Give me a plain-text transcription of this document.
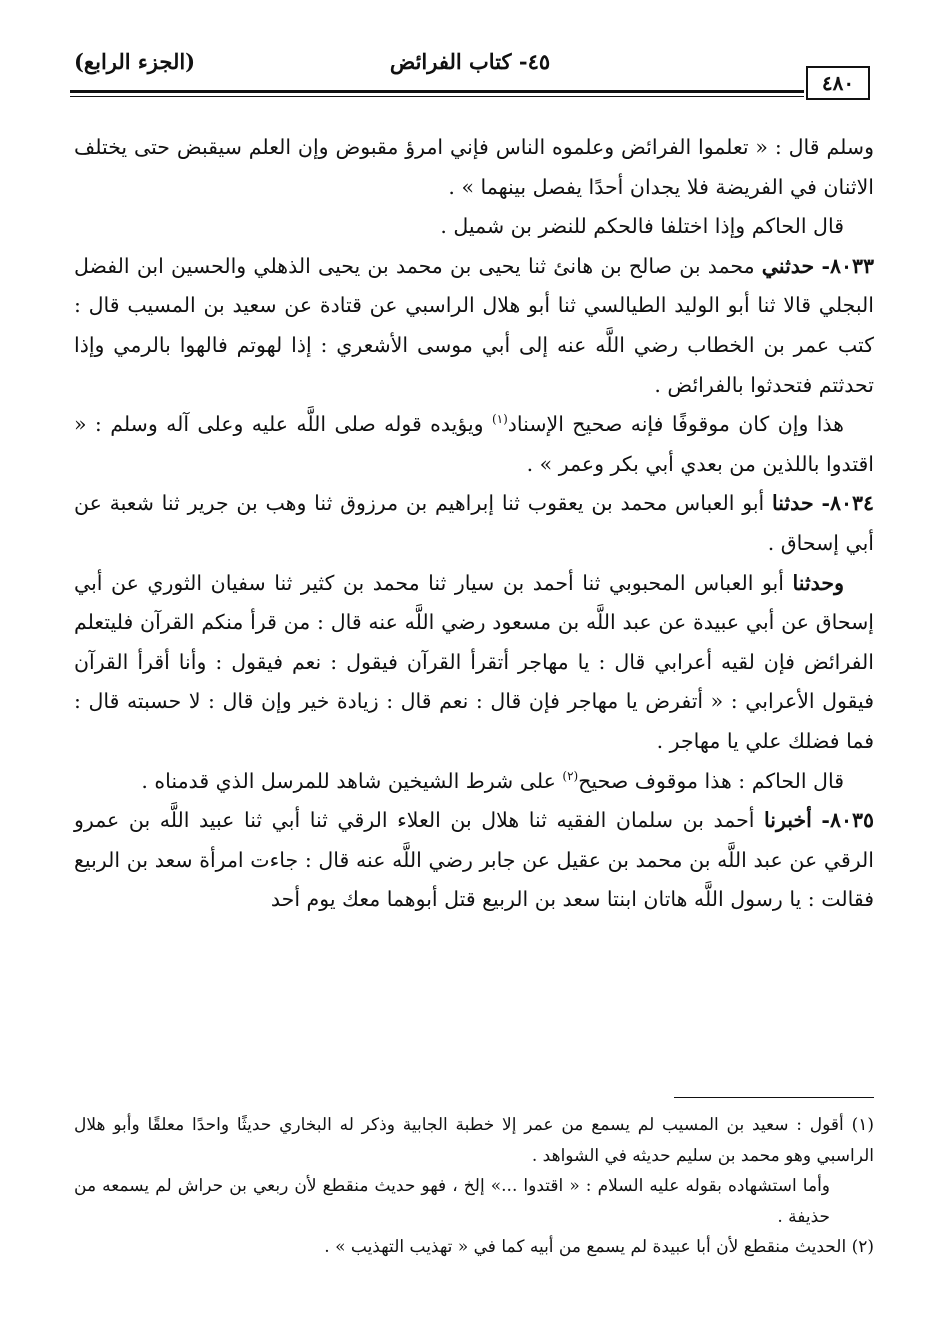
(الجزء الرابع)	٤٥- كتاب الفرائض
٤٨٠

وسلم قال : « تعلموا الفرائض وعلموه الناس فإني امرؤ مقبوض وإن العلم سيقبض حتى يختلف الاثنان في الفريضة فلا يجدان أحدًا يفصل بينهما » .

قال الحاكم وإذا اختلفا فالحكم للنضر بن شميل .

٨٠٣٣- حدثني محمد بن صالح بن هانئ ثنا يحيى بن محمد بن يحيى الذهلي والحسين ابن الفضل البجلي قالا ثنا أبو الوليد الطيالسي ثنا أبو هلال الراسبي عن قتادة عن سعيد بن المسيب قال : كتب عمر بن الخطاب رضي اللَّه عنه إلى أبي موسى الأشعري : إذا لهوتم فالهوا بالرمي وإذا تحدثتم فتحدثوا بالفرائض .

هذا وإن كان موقوفًا فإنه صحيح الإسناد$^{(١)}$ ويؤيده قوله صلى اللَّه عليه وعلى آله وسلم : « اقتدوا باللذين من بعدي أبي بكر وعمر » .

٨٠٣٤- حدثنا أبو العباس محمد بن يعقوب ثنا إبراهيم بن مرزوق ثنا وهب بن جرير ثنا شعبة عن أبي إسحاق .

وحدثنا أبو العباس المحبوبي ثنا أحمد بن سيار ثنا محمد بن كثير ثنا سفيان الثوري عن أبي إسحاق عن أبي عبيدة عن عبد اللَّه بن مسعود رضي اللَّه عنه قال : من قرأ منكم القرآن فليتعلم الفرائض فإن لقيه أعرابي قال : يا مهاجر أتقرأ القرآن فيقول : نعم فيقول : وأنا أقرأ القرآن فيقول الأعرابي : « أتفرض يا مهاجر فإن قال : نعم قال : زيادة خير وإن قال : لا حسبته قال : فما فضلك علي يا مهاجر .

قال الحاكم : هذا موقوف صحيح$^{(٢)}$ على شرط الشيخين شاهد للمرسل الذي قدمناه .

٨٠٣٥- أخبرنا أحمد بن سلمان الفقيه ثنا هلال بن العلاء الرقي ثنا أبي ثنا عبيد اللَّه بن عمرو الرقي عن عبد اللَّه بن محمد بن عقيل عن جابر رضي اللَّه عنه قال : جاءت امرأة سعد بن الربيع فقالت : يا رسول اللَّه هاتان ابنتا سعد بن الربيع قتل أبوهما معك يوم أحد

(١) أقول : سعيد بن المسيب لم يسمع من عمر إلا خطبة الجابية وذكر له البخاري حديثًا واحدًا معلقًا وأبو هلال الراسبي وهو محمد بن سليم حديثه في الشواهد .

وأما استشهاده بقوله عليه السلام : « اقتدوا ...» إلخ ، فهو حديث منقطع لأن ربعي بن حراش لم يسمعه من حذيفة .

(٢) الحديث منقطع لأن أبا عبيدة لم يسمع من أبيه كما في « تهذيب التهذيب » .
